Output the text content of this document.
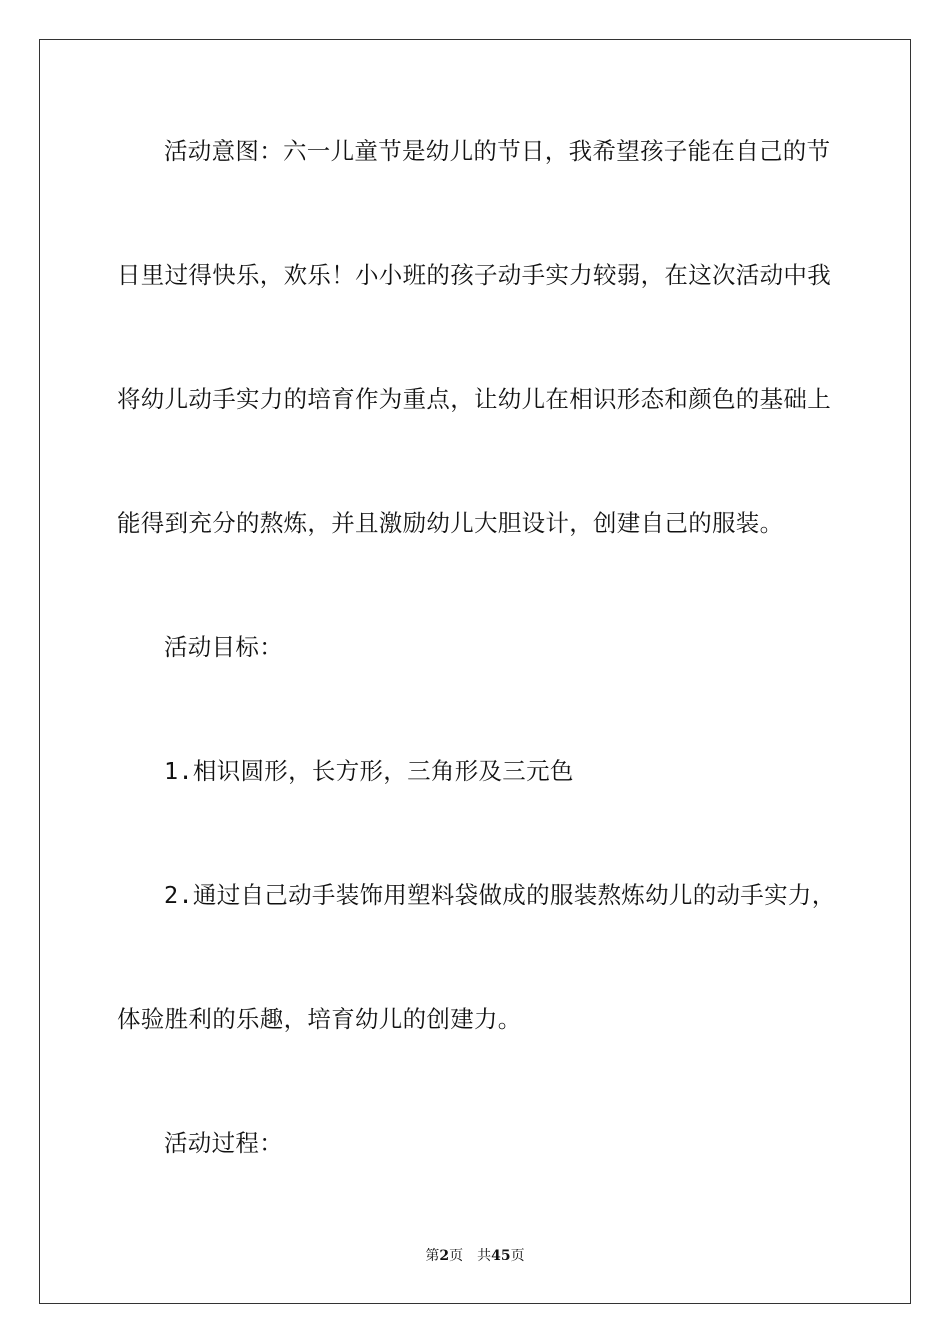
活动意图：六一儿童节是幼儿的节日，我希望孩子能在自己的节
日里过得快乐，欢乐！小小班的孩子动手实力较弱，在这次活动中我
将幼儿动手实力的培育作为重点，让幼儿在相识形态和颜色的基础上
能得到充分的熬炼，并且激励幼儿大胆设计，创建自己的服装。
活动目标：
1.相识圆形，长方形，三角形及三元色
2.通过自己动手装饰用塑料袋做成的服装熬炼幼儿的动手实力，
体验胜利的乐趣，培育幼儿的创建力。
活动过程：
第2页 共45页
